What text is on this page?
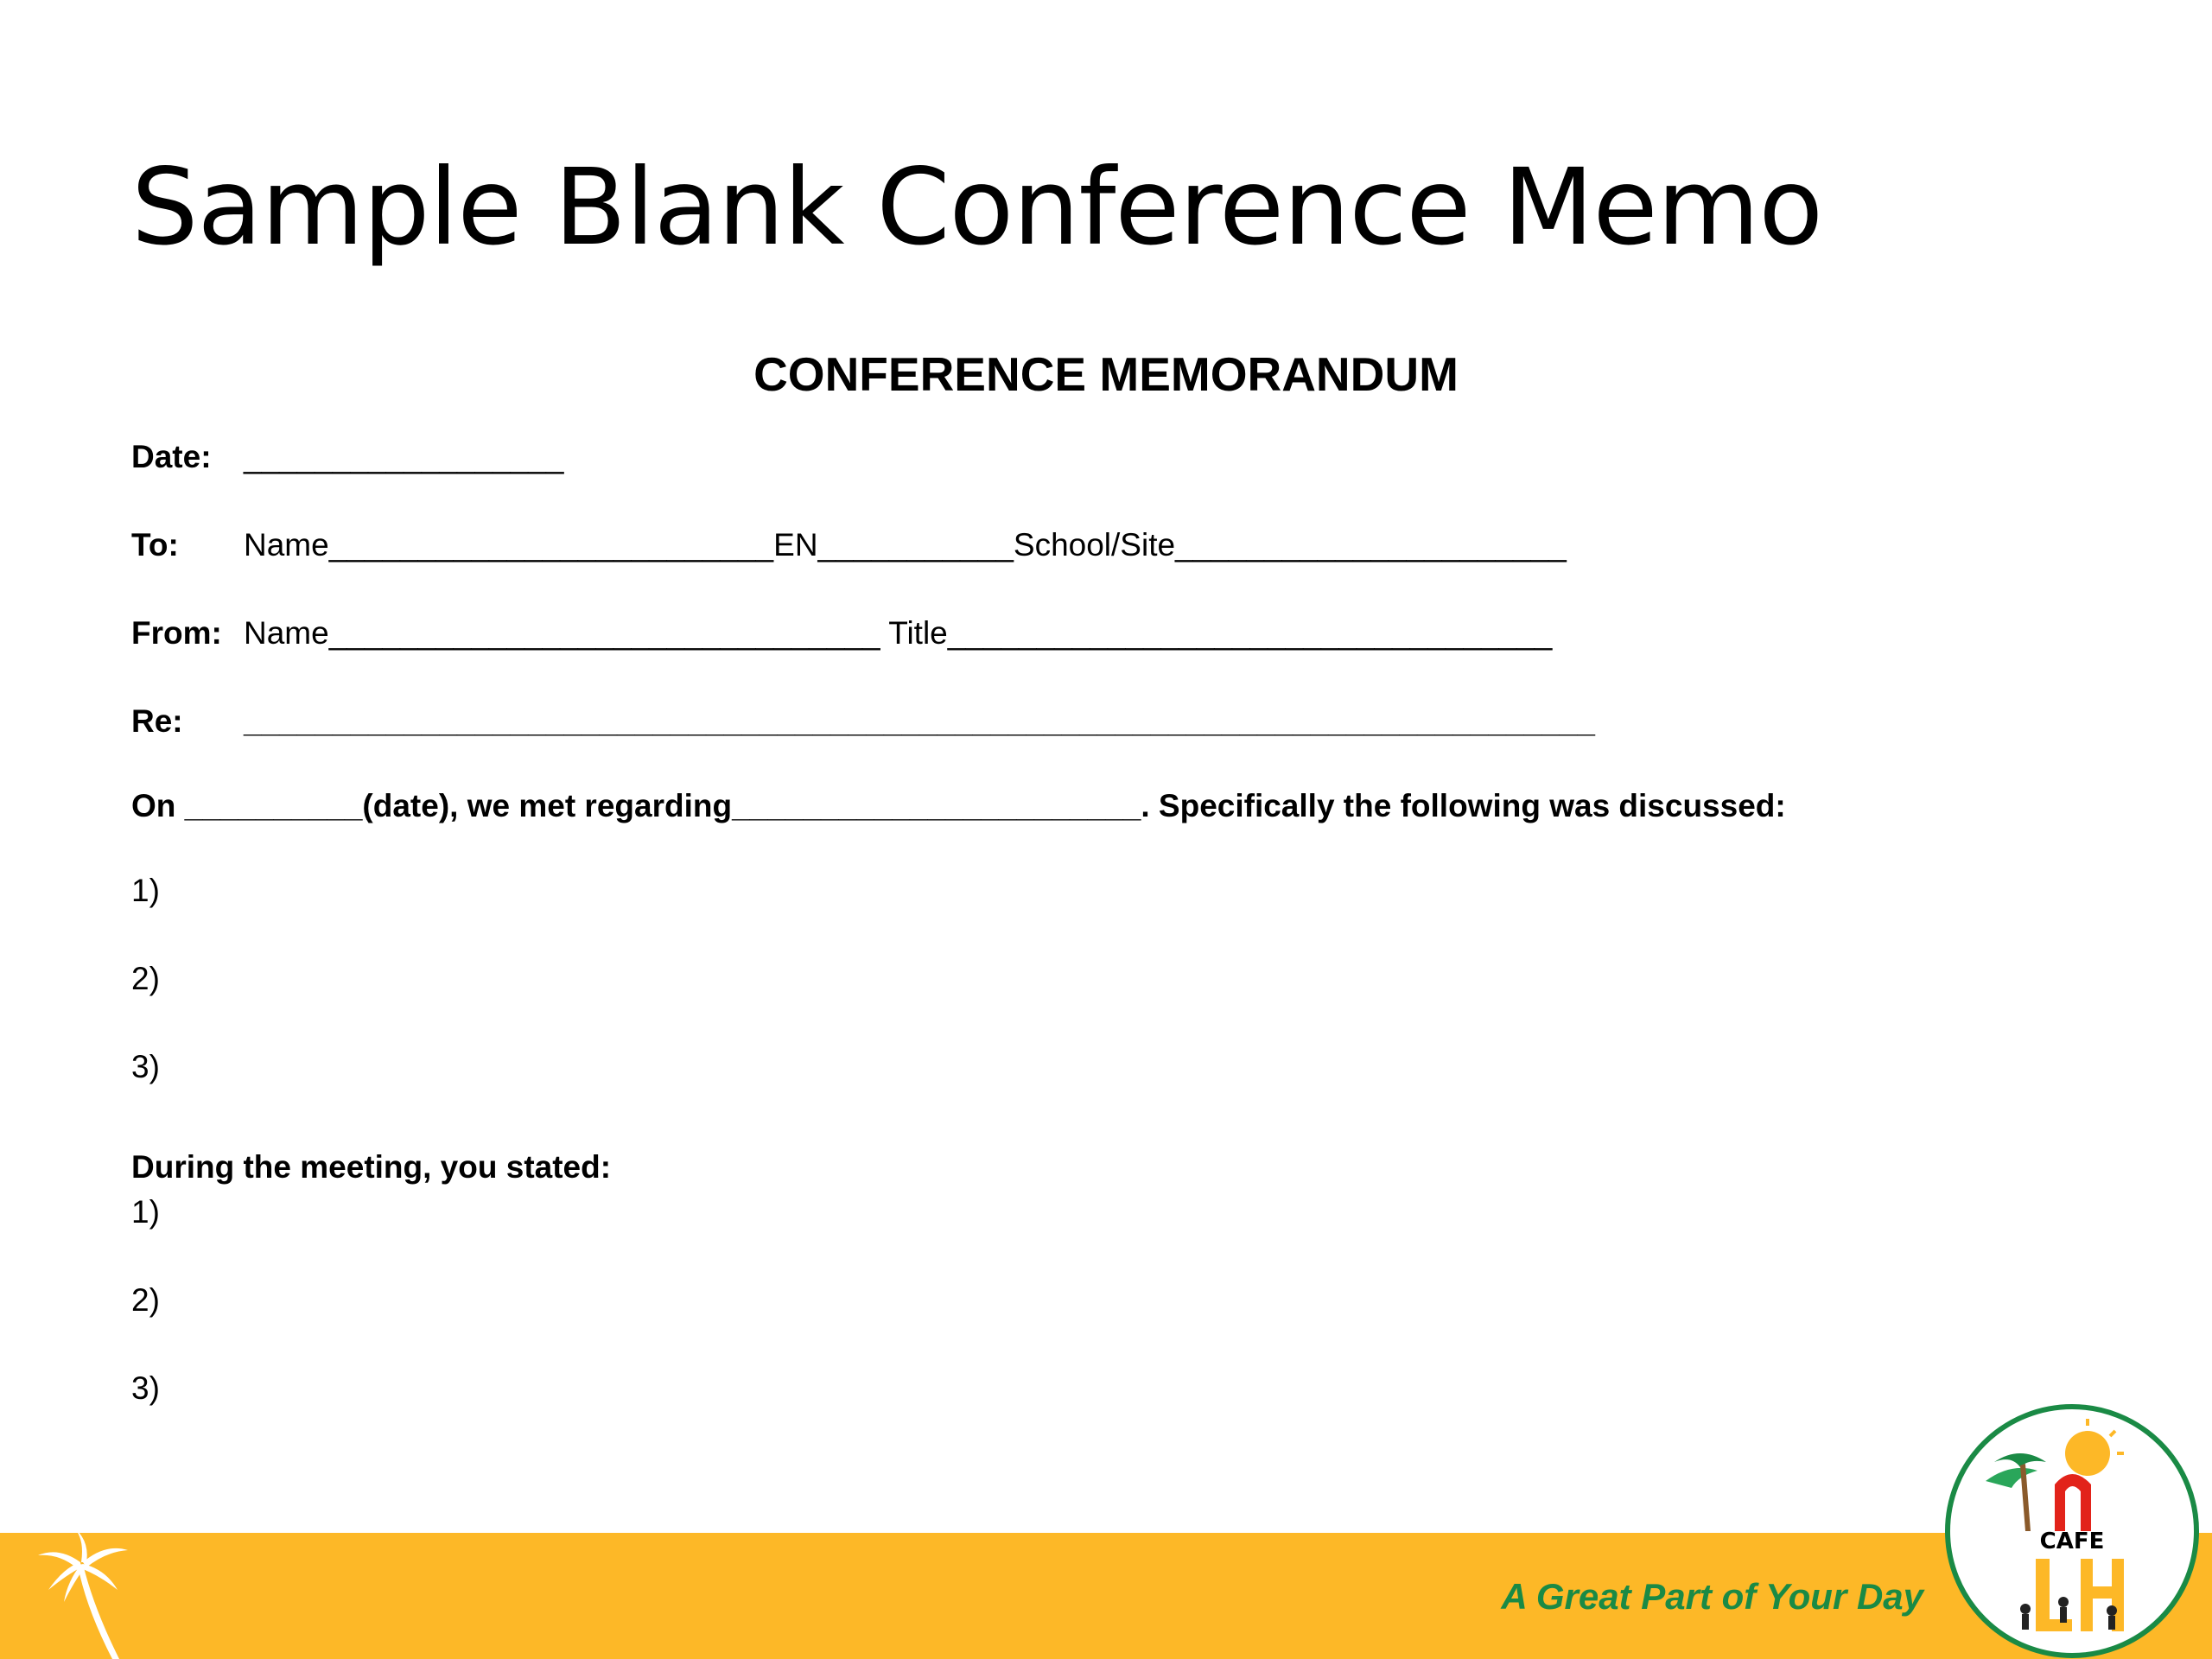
Sample Blank Conference Memo
CONFERENCE MEMORANDUM
Date: __________________
To: Name_________________________EN___________School/Site______________________
From: Name_______________________________ Title__________________________________
Re: ____________________________________________________________________________
On __________(date), we met regarding_______________________. Specifically the following was discussed:
1)
2)
3)
During the meeting, you stated:
1)
2)
3)
A Great Part of Your Day
CAFE
